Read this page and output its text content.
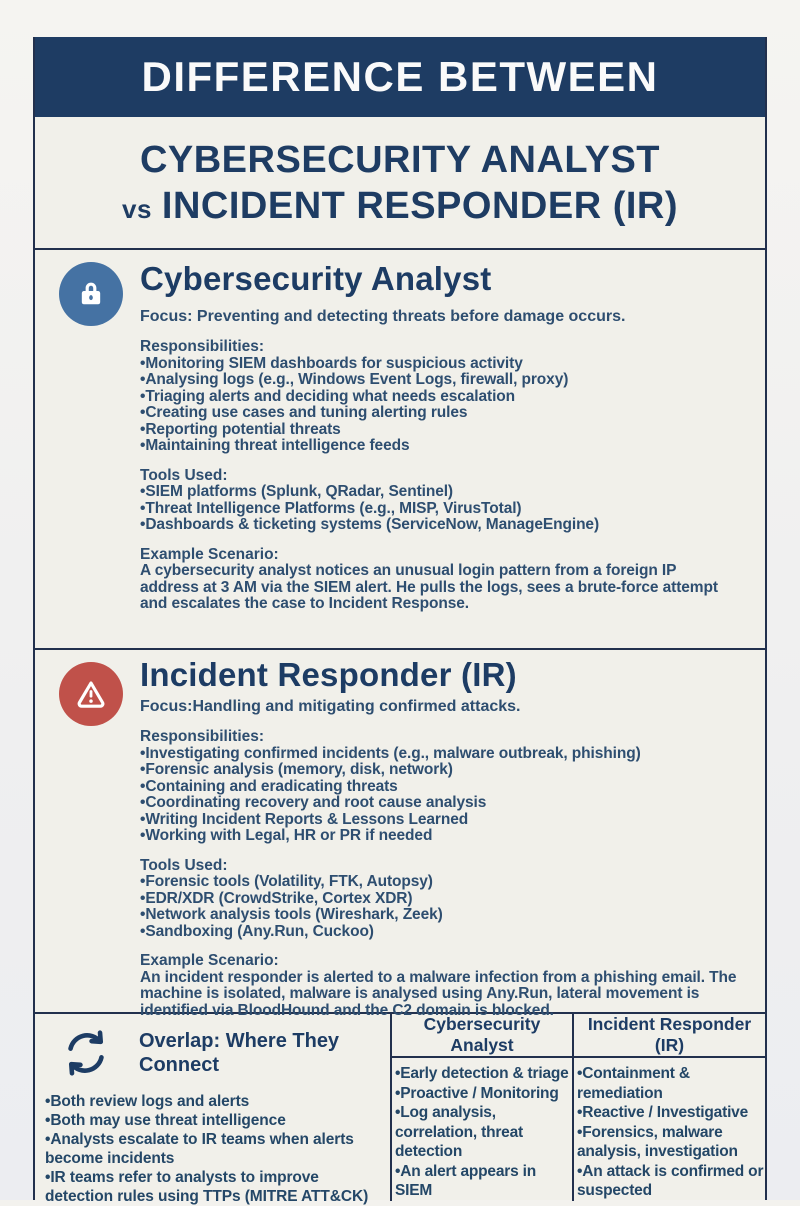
DIFFERENCE BETWEEN
CYBERSECURITY ANALYST
vs INCIDENT RESPONDER (IR)
Cybersecurity Analyst
Focus: Preventing and detecting threats before damage occurs.
Responsibilities:
•Monitoring SIEM dashboards for suspicious activity
•Analysing logs (e.g., Windows Event Logs, firewall, proxy)
•Triaging alerts and deciding what needs escalation
•Creating use cases and tuning alerting rules
•Reporting potential threats
•Maintaining threat intelligence feeds
Tools Used:
•SIEM platforms (Splunk, QRadar, Sentinel)
•Threat Intelligence Platforms (e.g., MISP, VirusTotal)
•Dashboards & ticketing systems (ServiceNow, ManageEngine)
Example Scenario:
A cybersecurity analyst notices an unusual login pattern from a foreign IP address at 3 AM via the SIEM alert. He pulls the logs, sees a brute-force attempt and escalates the case to Incident Response.
Incident Responder (IR)
Focus:Handling and mitigating confirmed attacks.
Responsibilities:
•Investigating confirmed incidents (e.g., malware outbreak, phishing)
•Forensic analysis (memory, disk, network)
•Containing and eradicating threats
•Coordinating recovery and root cause analysis
•Writing Incident Reports & Lessons Learned
•Working with Legal, HR or PR if needed
Tools Used:
•Forensic tools (Volatility, FTK, Autopsy)
•EDR/XDR (CrowdStrike, Cortex XDR)
•Network analysis tools (Wireshark, Zeek)
•Sandboxing (Any.Run, Cuckoo)
Example Scenario:
An incident responder is alerted to a malware infection from a phishing email. The machine is isolated, malware is analysed using Any.Run, lateral movement is identified via BloodHound and the C2 domain is blocked.
Overlap: Where They Connect
•Both review logs and alerts
•Both may use threat intelligence
•Analysts escalate to IR teams when alerts become incidents
•IR teams refer to analysts to improve detection rules using TTPs (MITRE ATT&CK)
Cybersecurity Analyst
Incident Responder (IR)
•Early detection & triage
•Proactive / Monitoring
•Log analysis, correlation, threat detection
•An alert appears in SIEM
•Containment & remediation
•Reactive / Investigative
•Forensics, malware analysis, investigation
•An attack is confirmed or suspected
